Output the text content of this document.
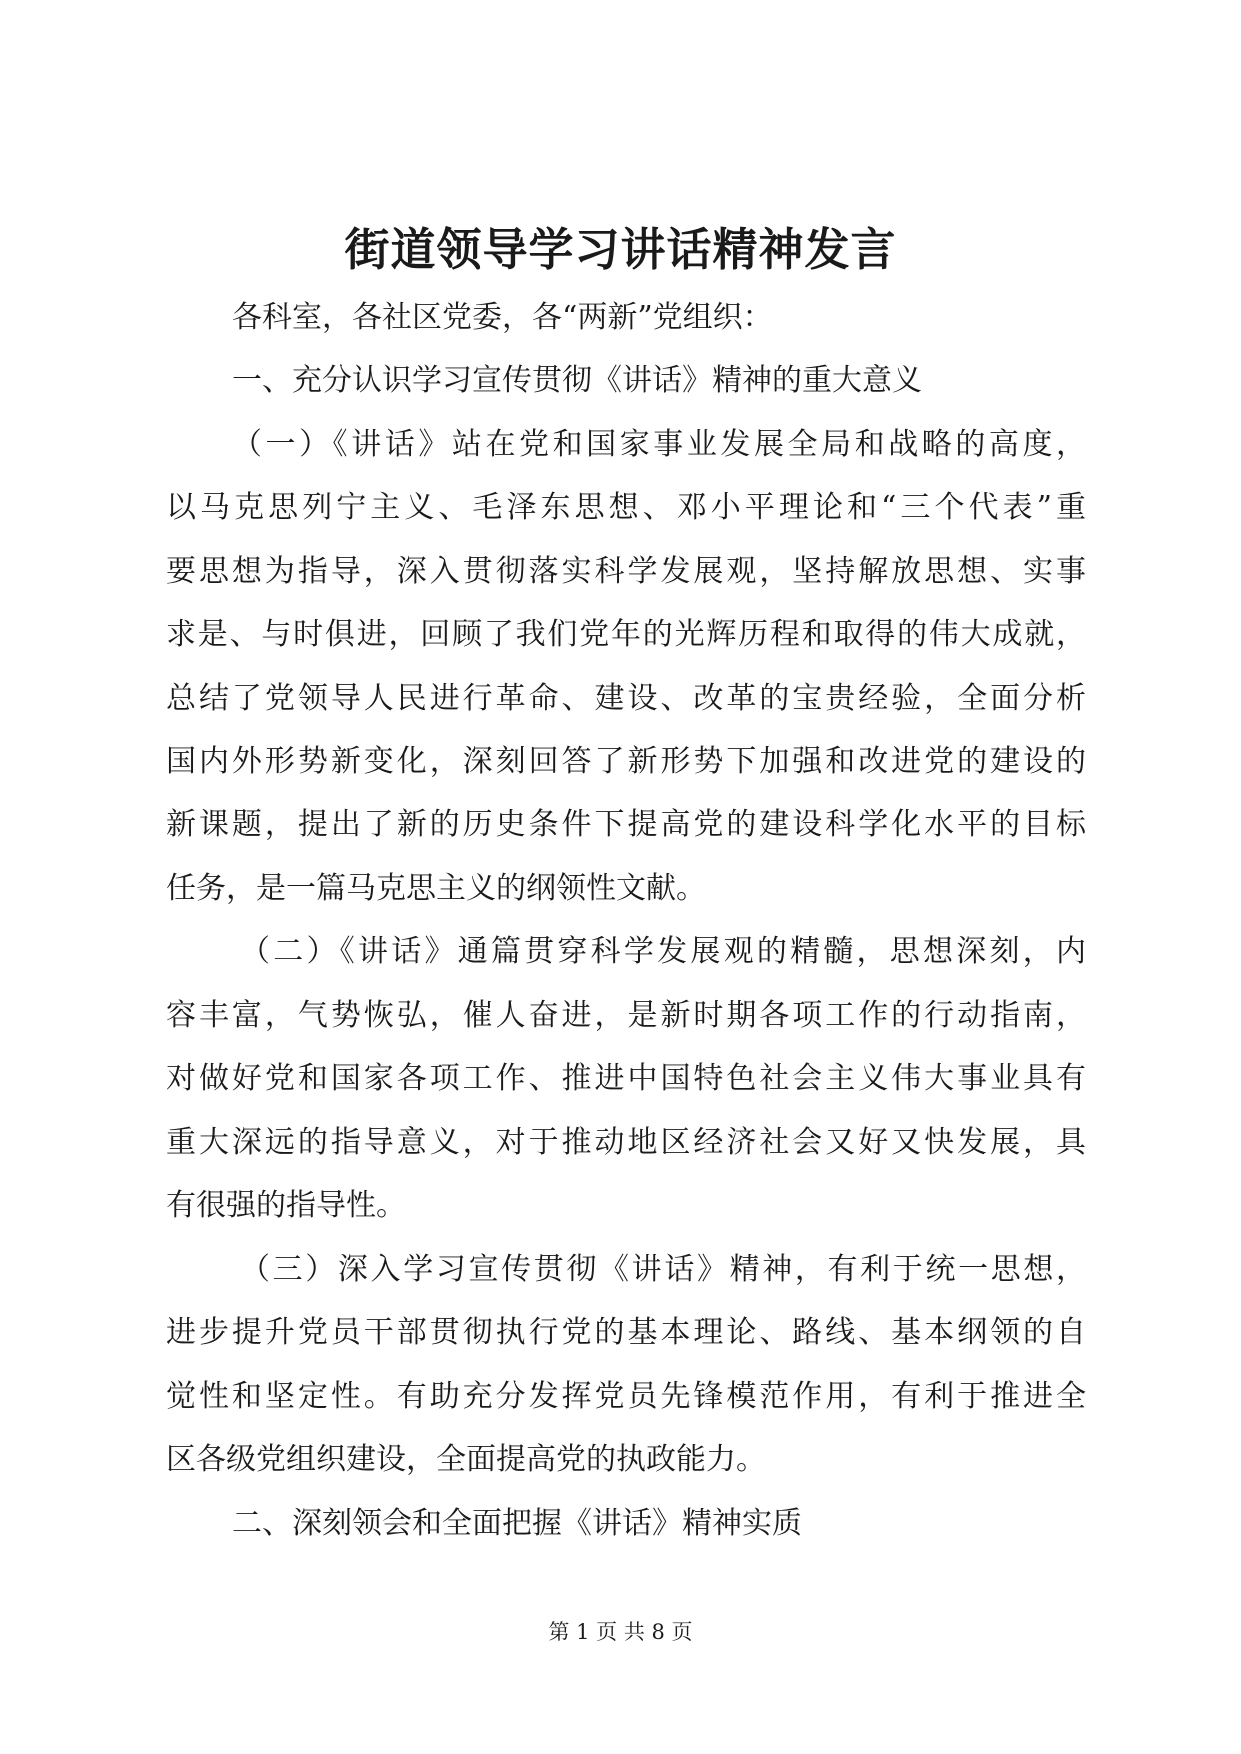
街道领导学习讲话精神发言

各科室，各社区党委，各“两新”党组织：

一、充分认识学习宣传贯彻《讲话》精神的重大意义

（一）《讲话》站在党和国家事业发展全局和战略的高度，

以马克思列宁主义、毛泽东思想、邓小平理论和“三个代表”重

要思想为指导，深入贯彻落实科学发展观，坚持解放思想、实事

求是、与时俱进，回顾了我们党年的光辉历程和取得的伟大成就，

总结了党领导人民进行革命、建设、改革的宝贵经验，全面分析

国内外形势新变化，深刻回答了新形势下加强和改进党的建设的

新课题，提出了新的历史条件下提高党的建设科学化水平的目标

任务，是一篇马克思主义的纲领性文献。

（二）《讲话》通篇贯穿科学发展观的精髓，思想深刻，内

容丰富，气势恢弘，催人奋进，是新时期各项工作的行动指南，

对做好党和国家各项工作、推进中国特色社会主义伟大事业具有

重大深远的指导意义，对于推动地区经济社会又好又快发展，具

有很强的指导性。

（三）深入学习宣传贯彻《讲话》精神，有利于统一思想，

进步提升党员干部贯彻执行党的基本理论、路线、基本纲领的自

觉性和坚定性。有助充分发挥党员先锋模范作用，有利于推进全

区各级党组织建设，全面提高党的执政能力。

二、深刻领会和全面把握《讲话》精神实质

第 1 页 共 8 页
